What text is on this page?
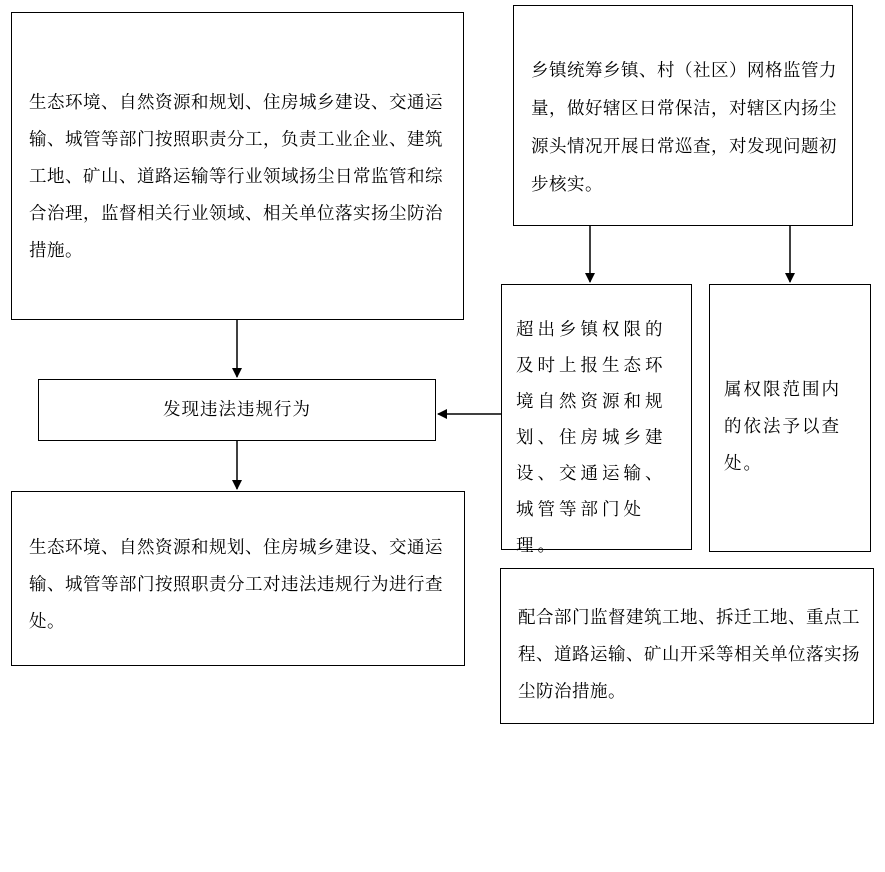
生态环境、自然资源和规划、住房城乡建设、交通运输、城管等部门按照职责分工，负责工业企业、建筑工地、矿山、道路运输等行业领域扬尘日常监管和综合治理，监督相关行业领域、相关单位落实扬尘防治措施。

乡镇统筹乡镇、村（社区）网格监管力量，做好辖区日常保洁，对辖区内扬尘源头情况开展日常巡查，对发现问题初步核实。

超出乡镇权限的及时上报生态环境自然资源和规划、住房城乡建设、交通运输、城管等部门处理。

属权限范围内的依法予以查处。

发现违法违规行为

生态环境、自然资源和规划、住房城乡建设、交通运输、城管等部门按照职责分工对违法违规行为进行查处。	配合部门监督建筑工地、拆迁工地、重点工程、道路运输、矿山开采等相关单位落实扬尘防治措施。
